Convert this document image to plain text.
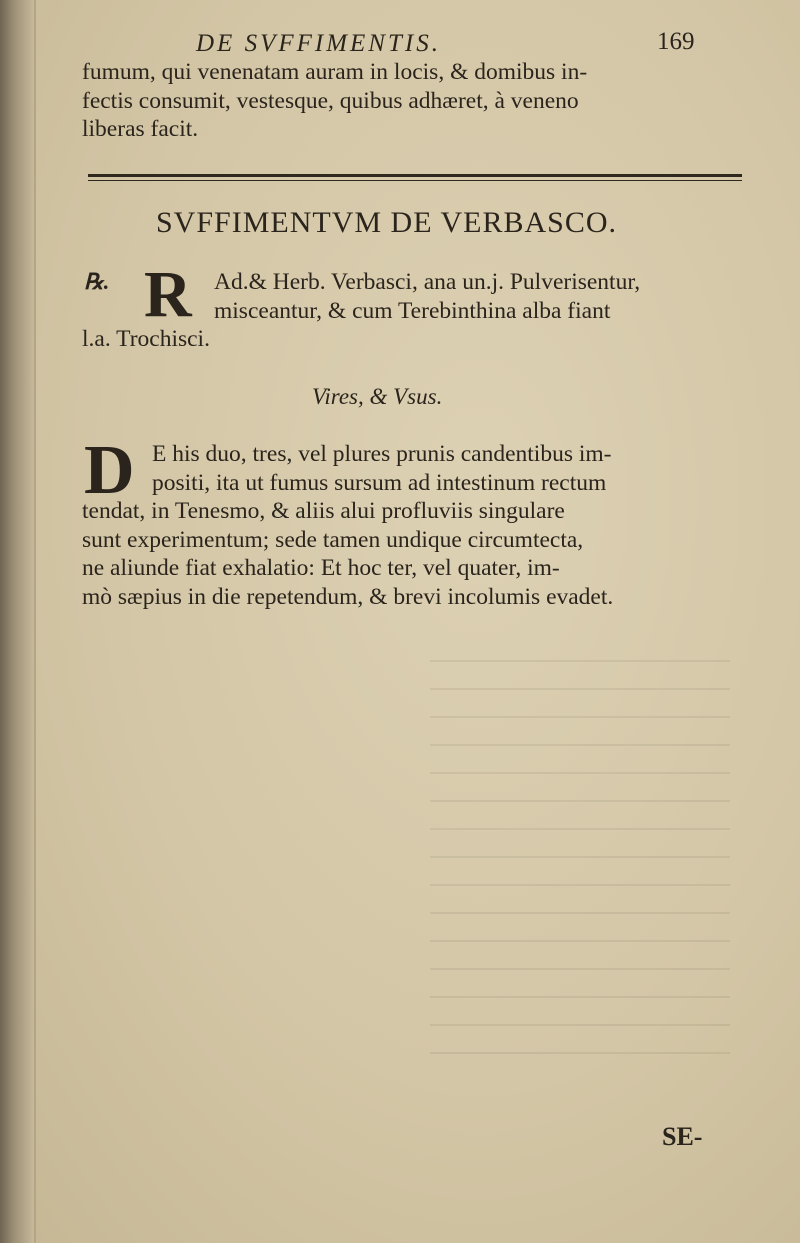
DE SVFFIMENTIS.	169
fumum, qui venenatam auram in locis, & domibus in-
fectis consumit, vestesque, quibus adhæret, à veneno
liberas facit.
SVFFIMENTVM DE VERBASCO.
℞. R Ad.& Herb. Verbasci, ana un.j. Pulverisentur,
misceantur, & cum Terebinthina alba fiant
l.a. Trochisci.
Vires, & Vsus.
D E his duo, tres, vel plures prunis candentibus im-
positi, ita ut fumus sursum ad intestinum rectum
tendat, in Tenesmo, & aliis alui profluviis singulare
sunt experimentum; sede tamen undique circumtecta,
ne aliunde fiat exhalatio: Et hoc ter, vel quater, im-
mò sæpius in die repetendum, & brevi incolumis evadet.
SE-
